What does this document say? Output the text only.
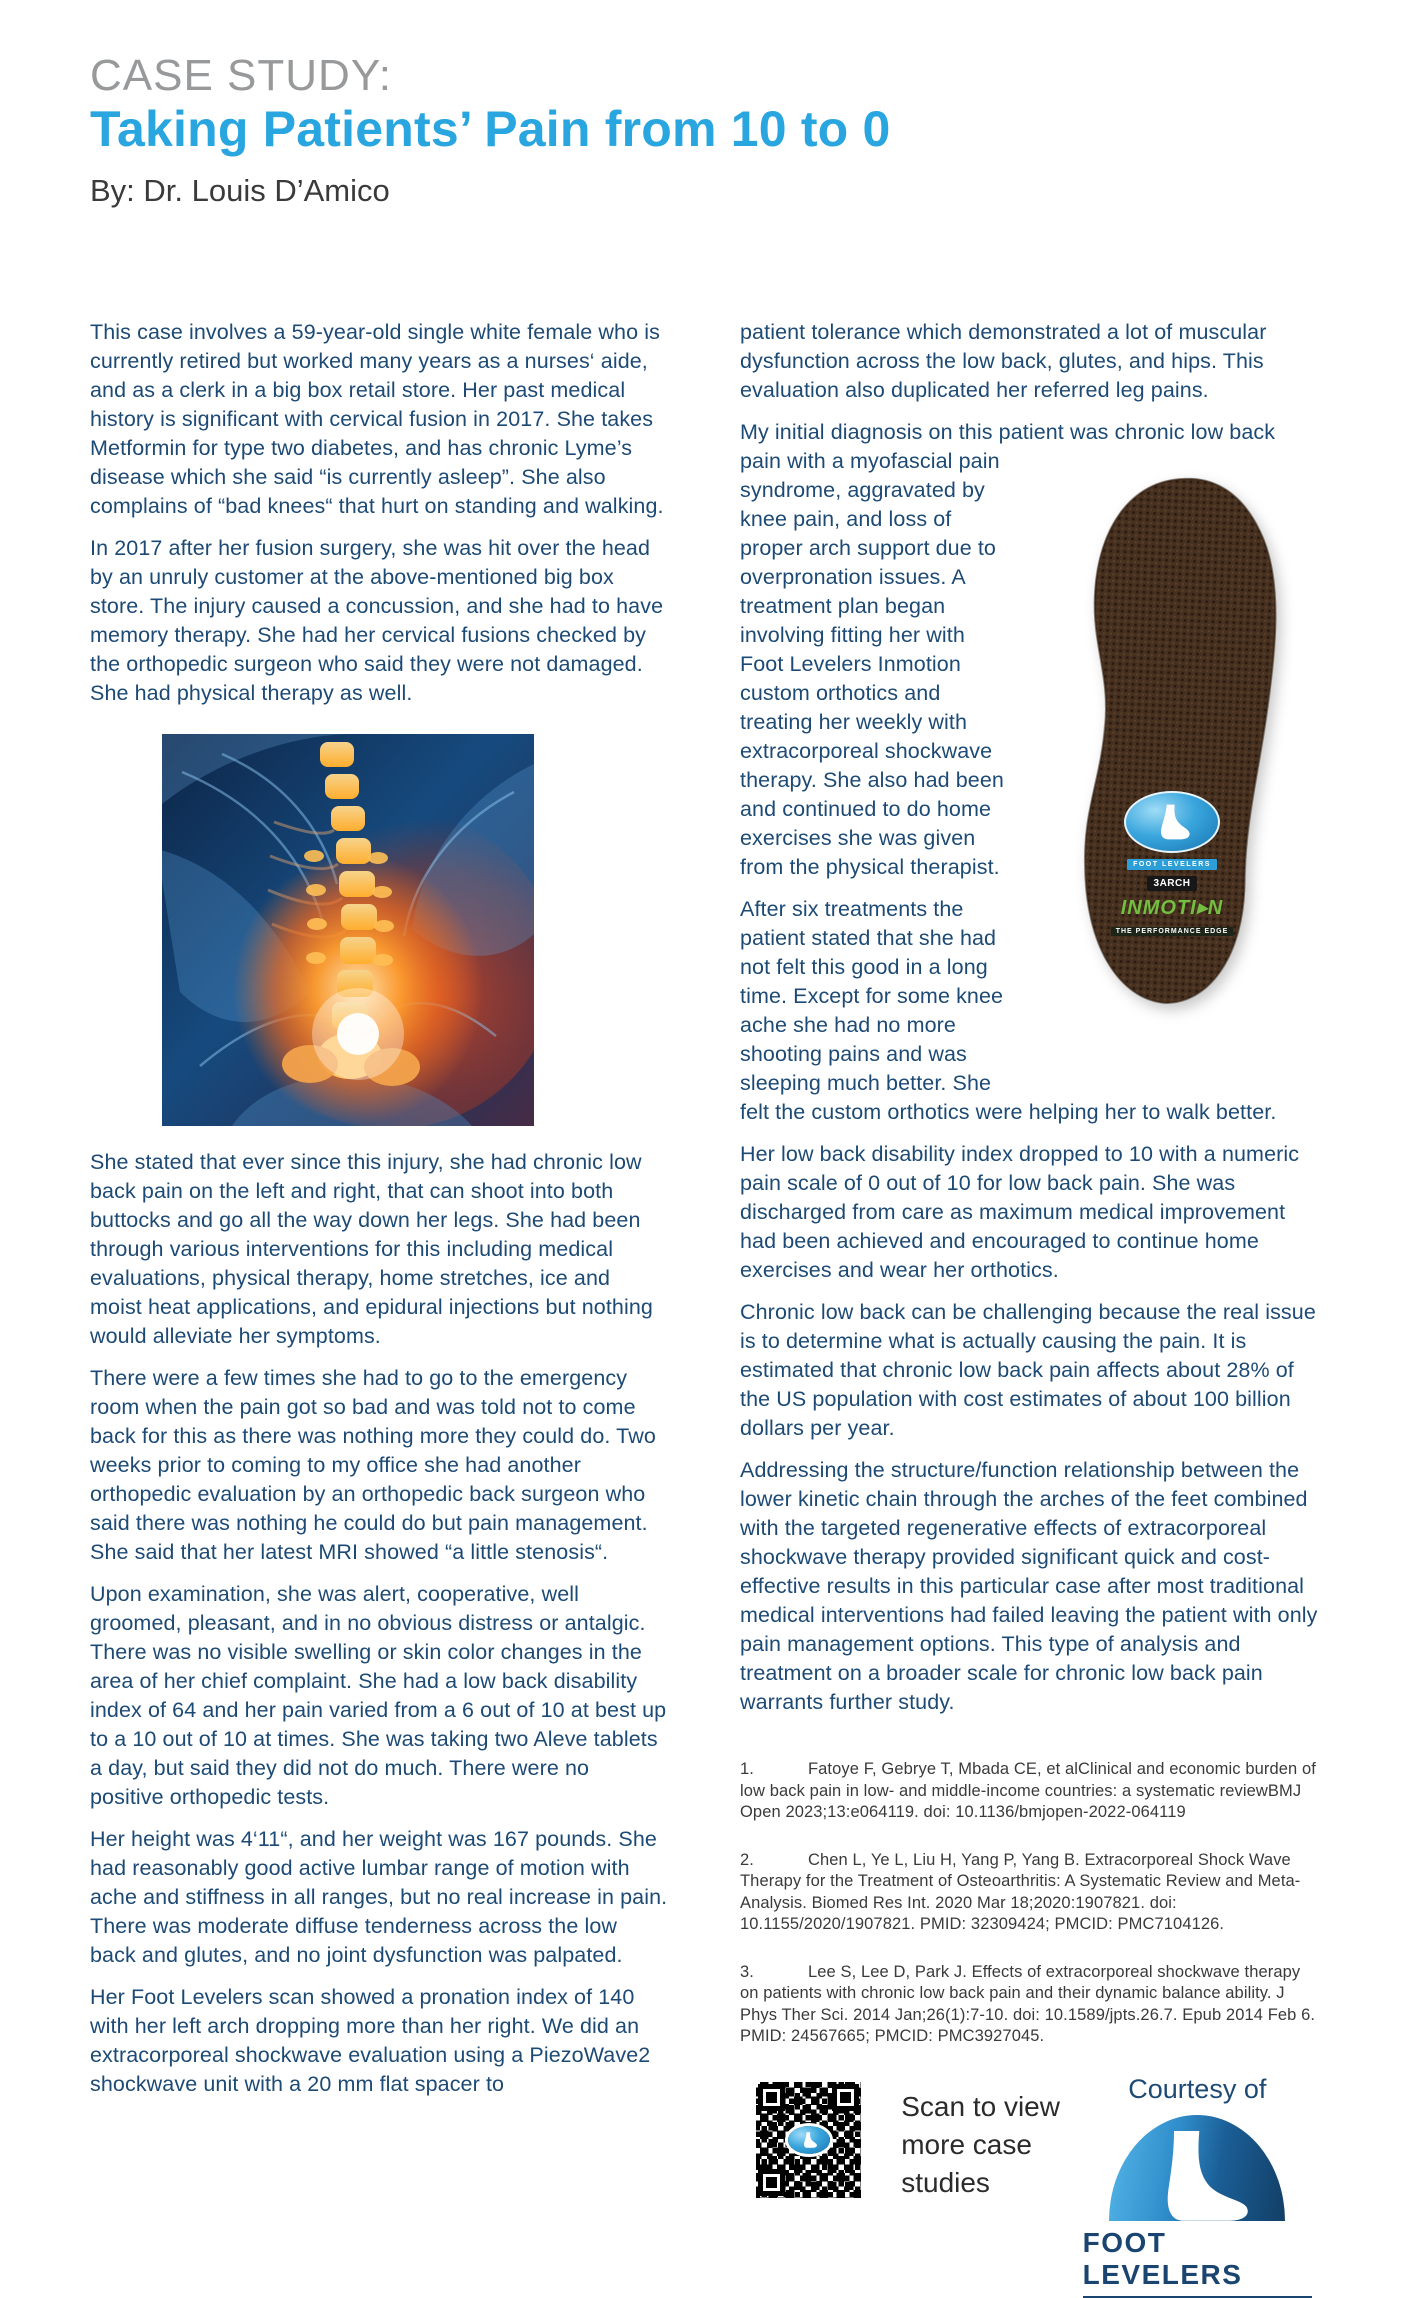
CASE STUDY:
Taking Patients’ Pain from 10 to 0
By: Dr. Louis D’Amico

This case involves a 59-year-old single white female who is currently retired but worked many years as a nurses‘ aide, and as a clerk in a big box retail store. Her past medical history is significant with cervical fusion in 2017. She takes Metformin for type two diabetes, and has chronic Lyme’s disease which she said “is currently asleep”. She also complains of “bad knees“ that hurt on standing and walking.

In 2017 after her fusion surgery, she was hit over the head by an unruly customer at the above-mentioned big box store. The injury caused a concussion, and she had to have memory therapy. She had her cervical fusions checked by the orthopedic surgeon who said they were not damaged. She had physical therapy as well.

She stated that ever since this injury, she had chronic low back pain on the left and right, that can shoot into both buttocks and go all the way down her legs. She had been through various interventions for this including medical evaluations, physical therapy, home stretches, ice and moist heat applications, and epidural injections but nothing would alleviate her symptoms.

There were a few times she had to go to the emergency room when the pain got so bad and was told not to come back for this as there was nothing more they could do. Two weeks prior to coming to my office she had another orthopedic evaluation by an orthopedic back surgeon who said there was nothing he could do but pain management. She said that her latest MRI showed “a little stenosis“.

Upon examination, she was alert, cooperative, well groomed, pleasant, and in no obvious distress or antalgic. There was no visible swelling or skin color changes in the area of her chief complaint. She had a low back disability index of 64 and her pain varied from a 6 out of 10 at best up to a 10 out of 10 at times. She was taking two Aleve tablets a day, but said they did not do much. There were no positive orthopedic tests.

Her height was 4‘11“, and her weight was 167 pounds. She had reasonably good active lumbar range of motion with ache and stiffness in all ranges, but no real increase in pain. There was moderate diffuse tenderness across the low back and glutes, and no joint dysfunction was palpated.

Her Foot Levelers scan showed a pronation index of 140 with her left arch dropping more than her right. We did an extracorporeal shockwave evaluation using a PiezoWave2 shockwave unit with a 20 mm flat spacer to

FOOT LEVELERS
3ARCH
INMOTI▸N
THE PERFORMANCE EDGE

patient tolerance which demonstrated a lot of muscular dysfunction across the low back, glutes, and hips. This evaluation also duplicated her referred leg pains.

My initial diagnosis on this patient was chronic low back pain with a myofascial pain syndrome, aggravated by knee pain, and loss of proper arch support due to overpronation issues. A treatment plan began involving fitting her with Foot Levelers Inmotion custom orthotics and treating her weekly with extracorporeal shockwave therapy. She also had been and continued to do home exercises she was given from the physical therapist.

After six treatments the patient stated that she had not felt this good in a long time. Except for some knee ache she had no more shooting pains and was sleeping much better. She felt the custom orthotics were helping her to walk better.

Her low back disability index dropped to 10 with a numeric pain scale of 0 out of 10 for low back pain. She was discharged from care as maximum medical improvement had been achieved and encouraged to continue home exercises and wear her orthotics.

Chronic low back can be challenging because the real issue is to determine what is actually causing the pain. It is estimated that chronic low back pain affects about 28% of the US population with cost estimates of about 100 billion dollars per year.

Addressing the structure/function relationship between the lower kinetic chain through the arches of the feet combined with the targeted regenerative effects of extracorporeal shockwave therapy provided significant quick and cost-effective results in this particular case after most traditional medical interventions had failed leaving the patient with only pain management options. This type of analysis and treatment on a broader scale for chronic low back pain warrants further study.

1.	Fatoye F, Gebrye T, Mbada CE, et alClinical and economic burden of low back pain in low- and middle-income countries: a systematic reviewBMJ Open 2023;13:e064119. doi: 10.1136/bmjopen-2022-064119

2.	Chen L, Ye L, Liu H, Yang P, Yang B. Extracorporeal Shock Wave Therapy for the Treatment of Osteoarthritis: A Systematic Review and Meta-Analysis. Biomed Res Int. 2020 Mar 18;2020:1907821. doi: 10.1155/2020/1907821. PMID: 32309424; PMCID: PMC7104126.

3.	Lee S, Lee D, Park J. Effects of extracorporeal shockwave therapy on patients with chronic low back pain and their dynamic balance ability. J Phys Ther Sci. 2014 Jan;26(1):7-10. doi: 10.1589/jpts.26.7. Epub 2014 Feb 6. PMID: 24567665; PMCID: PMC3927045.

Scan to view more case studies
Courtesy of
FOOT LEVELERS
